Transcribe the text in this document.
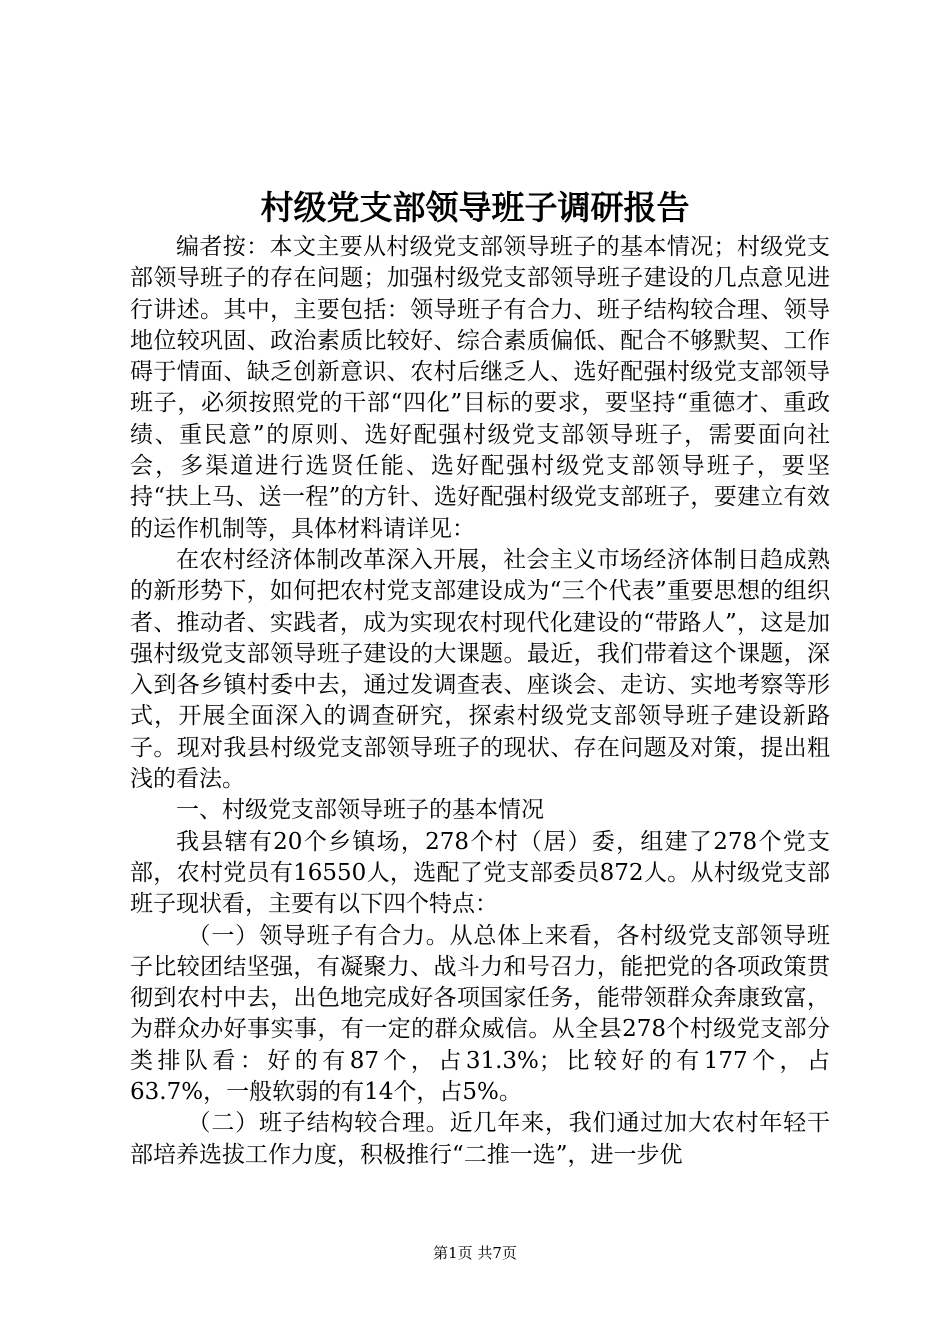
村级党支部领导班子调研报告

编者按：本文主要从村级党支部领导班子的基本情况；村级党支部领导班子的存在问题；加强村级党支部领导班子建设的几点意见进行讲述。其中，主要包括：领导班子有合力、班子结构较合理、领导地位较巩固、政治素质比较好、综合素质偏低、配合不够默契、工作碍于情面、缺乏创新意识、农村后继乏人、选好配强村级党支部领导班子，必须按照党的干部“四化”目标的要求，要坚持“重德才、重政绩、重民意”的原则、选好配强村级党支部领导班子，需要面向社会，多渠道进行选贤任能、选好配强村级党支部领导班子，要坚持“扶上马、送一程”的方针、选好配强村级党支部班子，要建立有效的运作机制等，具体材料请详见：

在农村经济体制改革深入开展，社会主义市场经济体制日趋成熟的新形势下，如何把农村党支部建设成为“三个代表”重要思想的组织者、推动者、实践者，成为实现农村现代化建设的“带路人”，这是加强村级党支部领导班子建设的大课题。最近，我们带着这个课题，深入到各乡镇村委中去，通过发调查表、座谈会、走访、实地考察等形式，开展全面深入的调查研究，探索村级党支部领导班子建设新路子。现对我县村级党支部领导班子的现状、存在问题及对策，提出粗浅的看法。

一、村级党支部领导班子的基本情况

我县辖有20个乡镇场，278个村（居）委，组建了278个党支部，农村党员有16550人，选配了党支部委员872人。从村级党支部班子现状看，主要有以下四个特点：

（一）领导班子有合力。从总体上来看，各村级党支部领导班子比较团结坚强，有凝聚力、战斗力和号召力，能把党的各项政策贯彻到农村中去，出色地完成好各项国家任务，能带领群众奔康致富，为群众办好事实事，有一定的群众威信。从全县278个村级党支部分类排队看：好的有87个，占31.3%；比较好的有177个，占63.7%，一般软弱的有14个，占5%。

（二）班子结构较合理。近几年来，我们通过加大农村年轻干部培养选拔工作力度，积极推行“二推一选”，进一步优

第1页 共7页
